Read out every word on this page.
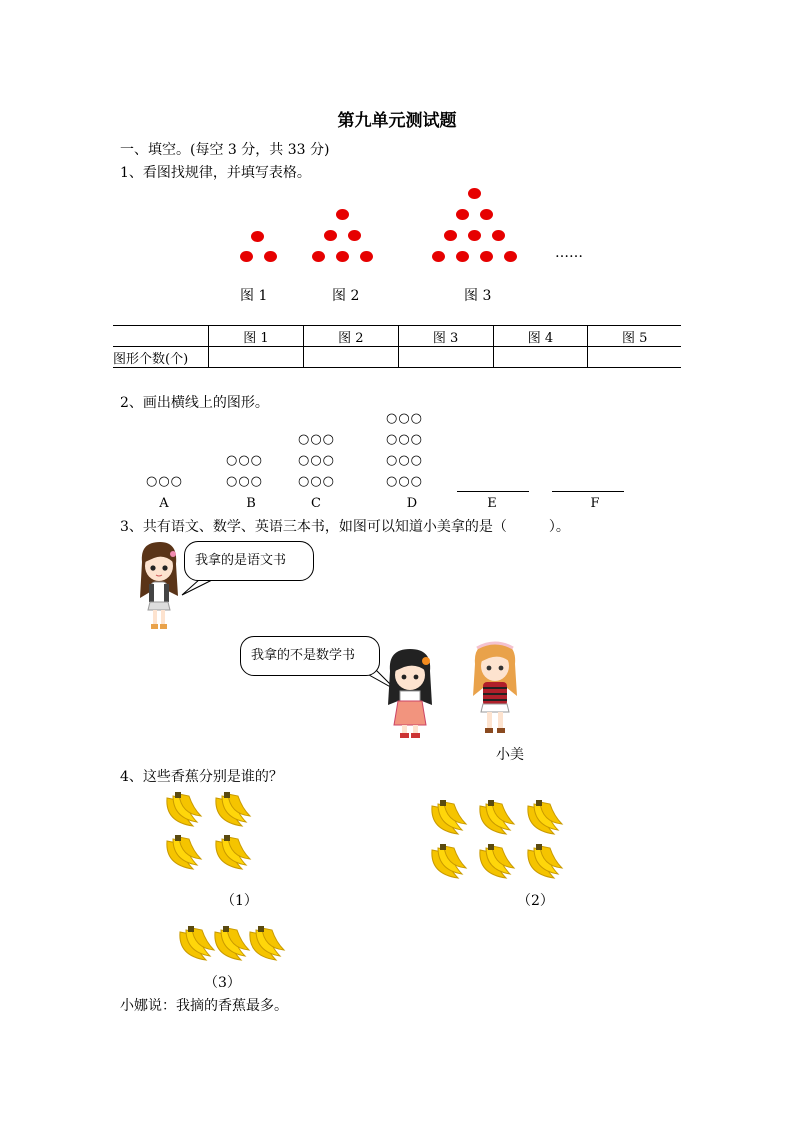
第九单元测试题
一、填空。(每空 3 分，共 33 分)
1、看图找规律，并填写表格。
……
图 1	图 2	图 3
	图 1	图 2	图 3	图 4	图 5
图形个数(个)					
2、画出横线上的图形。
○○○
○○○
○○○
○○○
○○○
○○○
○○○
○○○
○○○
○○○
A	B	C	D	E	F
3、共有语文、数学、英语三本书，如图可以知道小美拿的是（　　　）。
我拿的是语文书
我拿的不是数学书
小美
4、这些香蕉分别是谁的？
（1）	（2）
（3）
小娜说：我摘的香蕉最多。
